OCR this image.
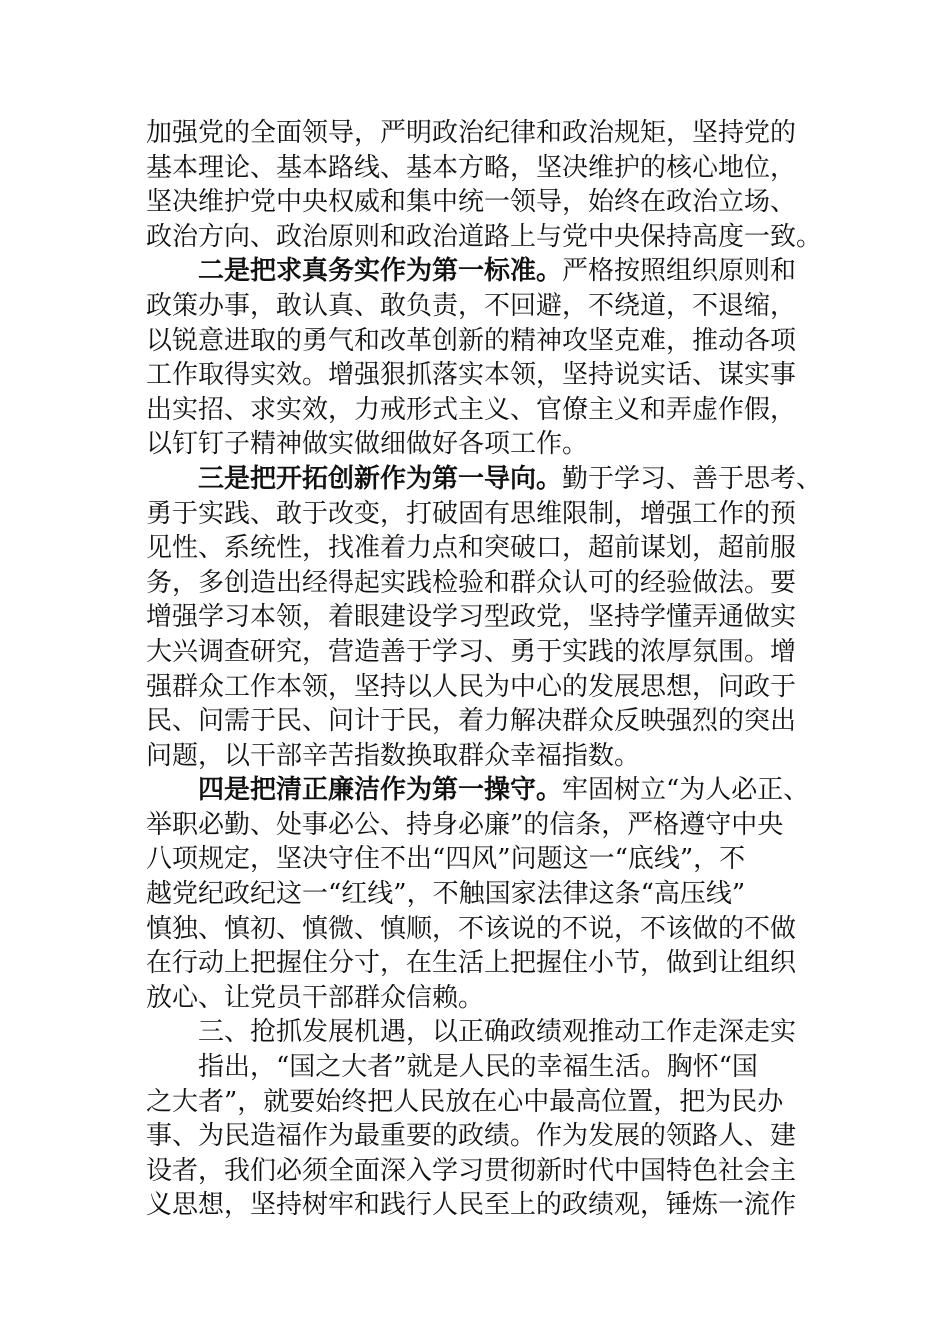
加强党的全面领导，严明政治纪律和政治规矩，坚持党的
基本理论、基本路线、基本方略，坚决维护的核心地位，
坚决维护党中央权威和集中统一领导，始终在政治立场、
政治方向、政治原则和政治道路上与党中央保持高度一致。
二是把求真务实作为第一标准。严格按照组织原则和
政策办事，敢认真、敢负责，不回避，不绕道，不退缩，
以锐意进取的勇气和改革创新的精神攻坚克难，推动各项
工作取得实效。增强狠抓落实本领，坚持说实话、谋实事
出实招、求实效，力戒形式主义、官僚主义和弄虚作假，
以钉钉子精神做实做细做好各项工作。
三是把开拓创新作为第一导向。勤于学习、善于思考、
勇于实践、敢于改变，打破固有思维限制，增强工作的预
见性、系统性，找准着力点和突破口，超前谋划，超前服
务，多创造出经得起实践检验和群众认可的经验做法。要
增强学习本领，着眼建设学习型政党，坚持学懂弄通做实
大兴调查研究，营造善于学习、勇于实践的浓厚氛围。增
强群众工作本领，坚持以人民为中心的发展思想，问政于
民、问需于民、问计于民，着力解决群众反映强烈的突出
问题，以干部辛苦指数换取群众幸福指数。
四是把清正廉洁作为第一操守。牢固树立“为人必正、
举职必勤、处事必公、持身必廉”的信条，严格遵守中央
八项规定，坚决守住不出“四风”问题这一“底线”，不
越党纪政纪这一“红线”，不触国家法律这条“高压线”
慎独、慎初、慎微、慎顺，不该说的不说，不该做的不做
在行动上把握住分寸，在生活上把握住小节，做到让组织
放心、让党员干部群众信赖。
三、抢抓发展机遇，以正确政绩观推动工作走深走实
指出，“国之大者”就是人民的幸福生活。胸怀“国
之大者”，就要始终把人民放在心中最高位置，把为民办
事、为民造福作为最重要的政绩。作为发展的领路人、建
设者，我们必须全面深入学习贯彻新时代中国特色社会主
义思想，坚持树牢和践行人民至上的政绩观，锤炼一流作
